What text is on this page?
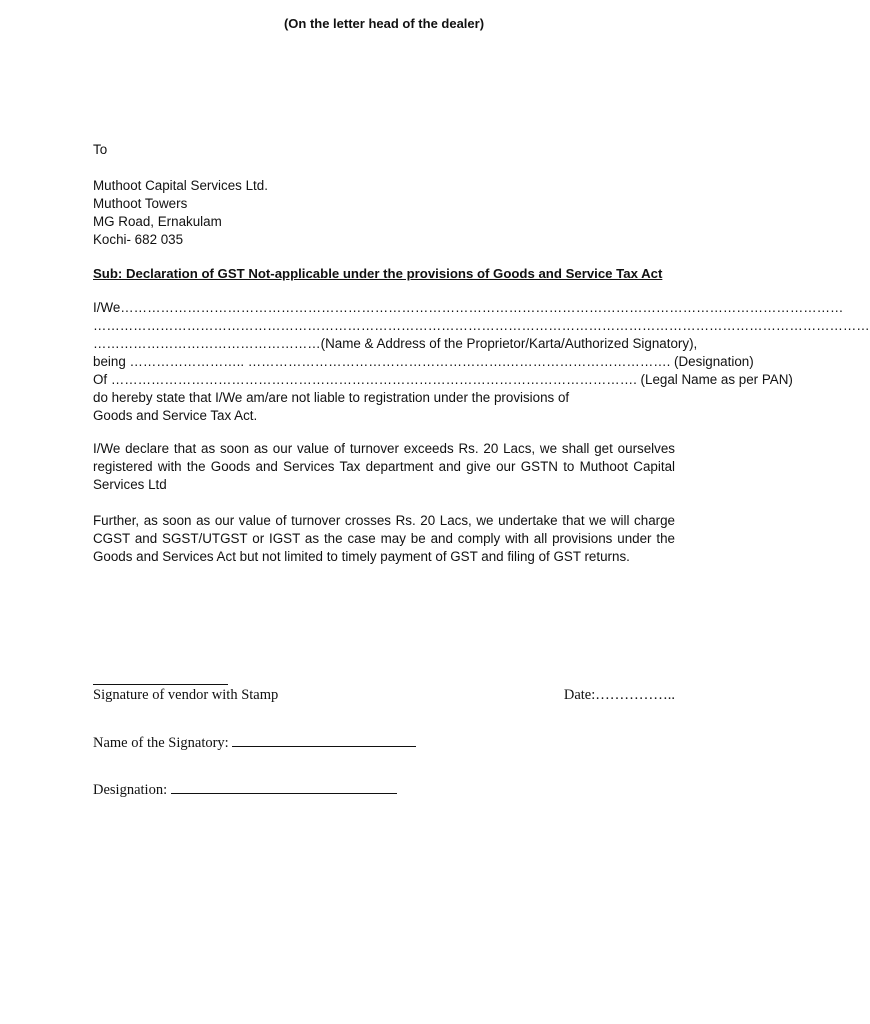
(On the letter head of the dealer)
To
Muthoot Capital Services Ltd.
Muthoot Towers
MG Road, Ernakulam
Kochi- 682 035
Sub: Declaration of GST Not-applicable under the provisions of Goods and Service Tax Act
I/We………………………………………………………………………………………………………………………………………………
…………………………………………………………………………………………………………………………………………………………
……………………………………………(Name & Address of the Proprietor/Karta/Authorized Signatory),
being …………………….. ………………………………………………….………………………………. (Designation)
Of ………………………………………………………………………………………………………. (Legal Name as per PAN)
do hereby state that I/We am/are not liable to registration under the provisions of
Goods and Service Tax Act.
I/We declare that as soon as our value of turnover exceeds Rs. 20 Lacs, we shall get ourselves registered with the Goods and Services Tax department and give our GSTN to Muthoot Capital Services Ltd
Further, as soon as our value of turnover crosses Rs. 20 Lacs, we undertake that we will charge CGST and SGST/UTGST or IGST as the case may be and comply with all provisions under the Goods and Services Act but not limited to timely payment of GST and filing of GST returns.
Signature of vendor with Stamp	Date:……………..
Name of the Signatory:
Designation:
